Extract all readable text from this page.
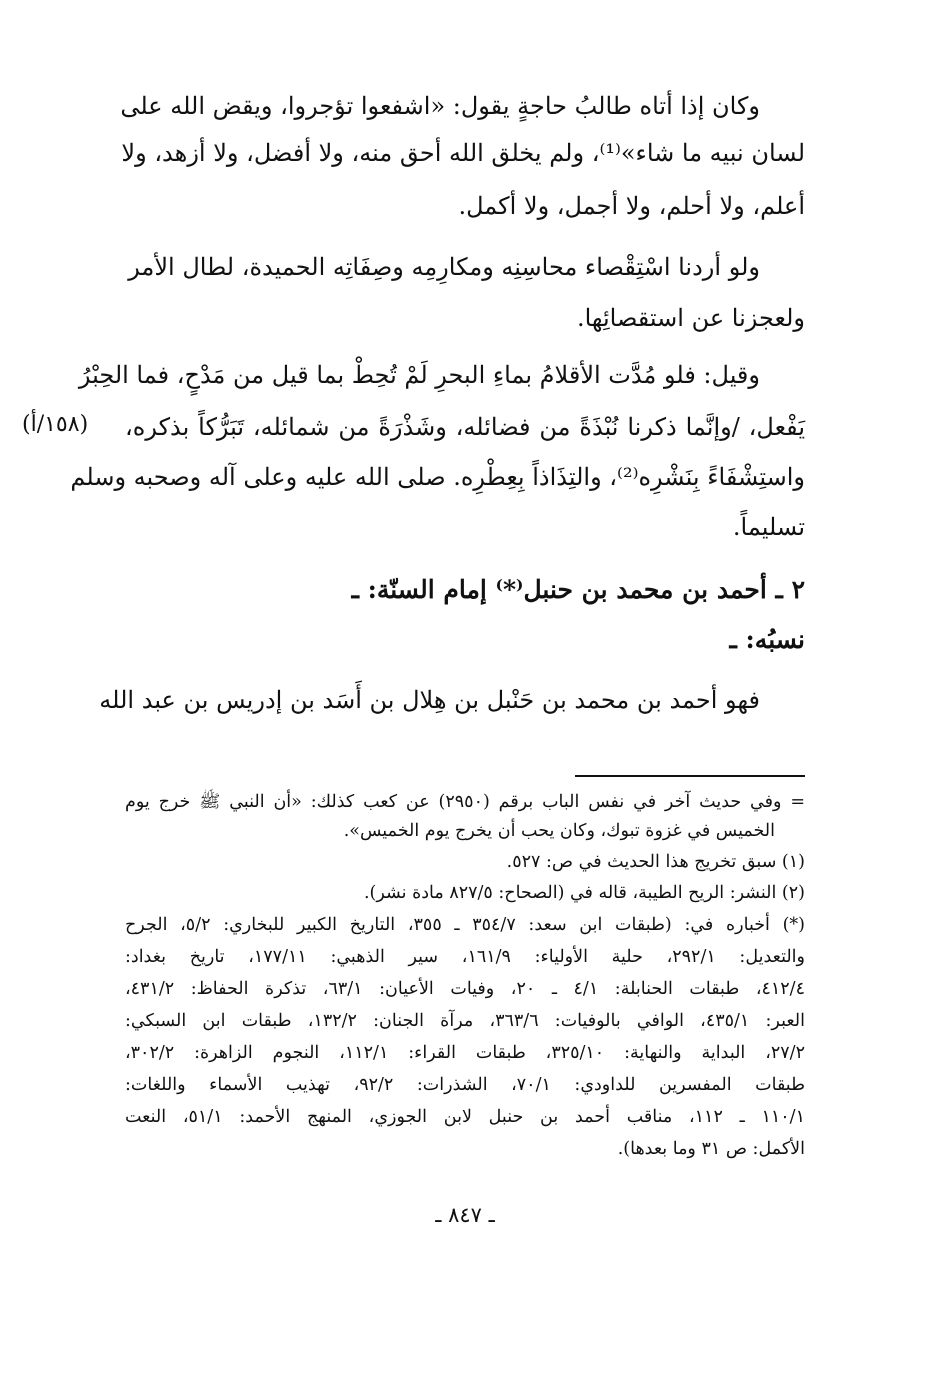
وكان إذا أتاه طالبُ حاجةٍ يقول: «اشفعوا تؤجروا، ويقض الله على
لسان نبيه ما شاء»⁽¹⁾، ولم يخلق الله أحق منه، ولا أفضل، ولا أزهد، ولا
أعلم، ولا أحلم، ولا أجمل، ولا أكمل.
ولو أردنا اسْتِقْصاء محاسِنِه ومكارِمِه وصِفَاتِه الحميدة، لطال الأمر
ولعجزنا عن استقصائِها.
وقيل: فلو مُدَّت الأقلامُ بماءِ البحرِ لَمْ تُحِطْ بما قيل من مَدْحٍ، فما الحِبْرُ
يَفْعل، /وإنَّما ذكرنا نُبْذَةً من فضائله، وشَذْرَةً من شمائله، تَبَرُّكاً بذكره،
واستِشْفَاءً بِنَشْرِه⁽²⁾، والتِذَاذاً بِعِطْرِه. صلى الله عليه وعلى آله وصحبه وسلم
تسليماً.
٢ ـ أحمد بن محمد بن حنبل⁽*⁾ إمام السنّة: ـ
نسبُه: ـ
فهو أحمد بن محمد بن حَنْبل بن هِلال بن أَسَد بن إدريس بن عبد الله
(١٥٨/أ)
= وفي حديث آخر في نفس الباب برقم (٢٩٥٠) عن كعب كذلك: «أن النبي ﷺ خرج يوم
الخميس في غزوة تبوك، وكان يحب أن يخرج يوم الخميس».
(١) سبق تخريج هذا الحديث في ص: ٥٢٧.
(٢) النشر: الريح الطيبة، قاله في (الصحاح: ٨٢٧/٥ مادة نشر).
(*) أخباره في: (طبقات ابن سعد: ٣٥٤/٧ ـ ٣٥٥، التاريخ الكبير للبخاري: ٥/٢، الجرح
والتعديل: ٢٩٢/١، حلية الأولياء: ١٦١/٩، سير الذهبي: ١٧٧/١١، تاريخ بغداد:
٤١٢/٤، طبقات الحنابلة: ٤/١ ـ ٢٠، وفيات الأعيان: ٦٣/١، تذكرة الحفاظ: ٤٣١/٢،
العبر: ٤٣٥/١، الوافي بالوفيات: ٣٦٣/٦، مرآة الجنان: ١٣٢/٢، طبقات ابن السبكي:
٢٧/٢، البداية والنهاية: ٣٢٥/١٠، طبقات القراء: ١١٢/١، النجوم الزاهرة: ٣٠٢/٢،
طبقات المفسرين للداودي: ٧٠/١، الشذرات: ٩٢/٢، تهذيب الأسماء واللغات:
١١٠/١ ـ ١١٢، مناقب أحمد بن حنبل لابن الجوزي، المنهج الأحمد: ٥١/١، النعت
الأكمل: ص ٣١ وما بعدها).
ـ ٨٤٧ ـ
